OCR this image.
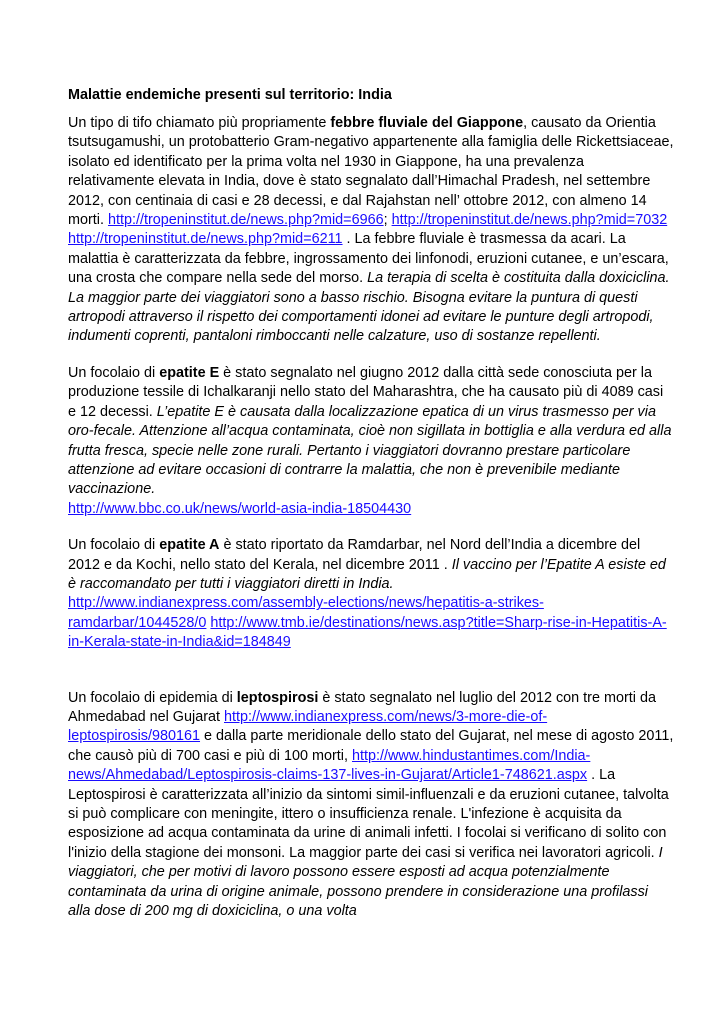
Malattie endemiche presenti sul territorio: India

Un tipo di tifo chiamato più propriamente febbre fluviale del Giappone, causato da Orientia tsutsugamushi, un protobatterio Gram-negativo appartenente alla famiglia delle Rickettsiaceae, isolato ed identificato per la prima volta nel 1930 in Giappone, ha una prevalenza relativamente elevata in India, dove è stato segnalato dall’Himachal Pradesh, nel settembre 2012, con centinaia di casi e 28 decessi, e dal Rajahstan nell’ ottobre 2012, con almeno 14 morti. http://tropeninstitut.de/news.php?mid=6966; http://tropeninstitut.de/news.php?mid=7032 http://tropeninstitut.de/news.php?mid=6211 . La febbre fluviale è trasmessa da acari. La malattia è caratterizzata da febbre, ingrossamento dei linfonodi, eruzioni cutanee, e un’escara, una crosta che compare nella sede del morso. La terapia di scelta è costituita dalla doxiciclina. La maggior parte dei viaggiatori sono a basso rischio. Bisogna evitare la puntura di questi artropodi attraverso il rispetto dei comportamenti idonei ad evitare le punture degli artropodi, indumenti coprenti, pantaloni rimboccanti nelle calzature, uso di sostanze repellenti.

Un focolaio di epatite E è stato segnalato nel giugno 2012 dalla città sede conosciuta per la produzione tessile di Ichalkaranji nello stato del Maharashtra, che ha causato più di 4089 casi e 12 decessi. L’epatite E è causata dalla localizzazione epatica di un virus trasmesso per via oro-fecale. Attenzione all’acqua contaminata, cioè non sigillata in bottiglia e alla verdura ed alla frutta fresca, specie nelle zone rurali. Pertanto i viaggiatori dovranno prestare particolare attenzione ad evitare occasioni di contrarre la malattia, che non è prevenibile mediante vaccinazione.
http://www.bbc.co.uk/news/world-asia-india-18504430

Un focolaio di epatite A è stato riportato da Ramdarbar, nel Nord dell’India a dicembre del 2012 e da Kochi, nello stato del Kerala, nel dicembre 2011 . Il vaccino per l’Epatite A esiste ed è raccomandato per tutti i viaggiatori diretti in India.
http://www.indianexpress.com/assembly-elections/news/hepatitis-a-strikes-ramdarbar/1044528/0 http://www.tmb.ie/destinations/news.asp?title=Sharp-rise-in-Hepatitis-A-in-Kerala-state-in-India&id=184849

Un focolaio di epidemia di leptospirosi è stato segnalato nel luglio del 2012 con tre morti da Ahmedabad nel Gujarat http://www.indianexpress.com/news/3-more-die-of-leptospirosis/980161 e dalla parte meridionale dello stato del Gujarat, nel mese di agosto 2011, che causò più di 700 casi e più di 100 morti, http://www.hindustantimes.com/India-news/Ahmedabad/Leptospirosis-claims-137-lives-in-Gujarat/Article1-748621.aspx . La Leptospirosi è caratterizzata all’inizio da sintomi simil-influenzali e da eruzioni cutanee, talvolta si può complicare con meningite, ittero o insufficienza renale. L'infezione è acquisita da esposizione ad acqua contaminata da urine di animali infetti. I focolai si verificano di solito con l'inizio della stagione dei monsoni. La maggior parte dei casi si verifica nei lavoratori agricoli. I viaggiatori, che per motivi di lavoro possono essere esposti ad acqua potenzialmente contaminata da urina di origine animale, possono prendere in considerazione una profilassi alla dose di 200 mg di doxiciclina, o una volta
